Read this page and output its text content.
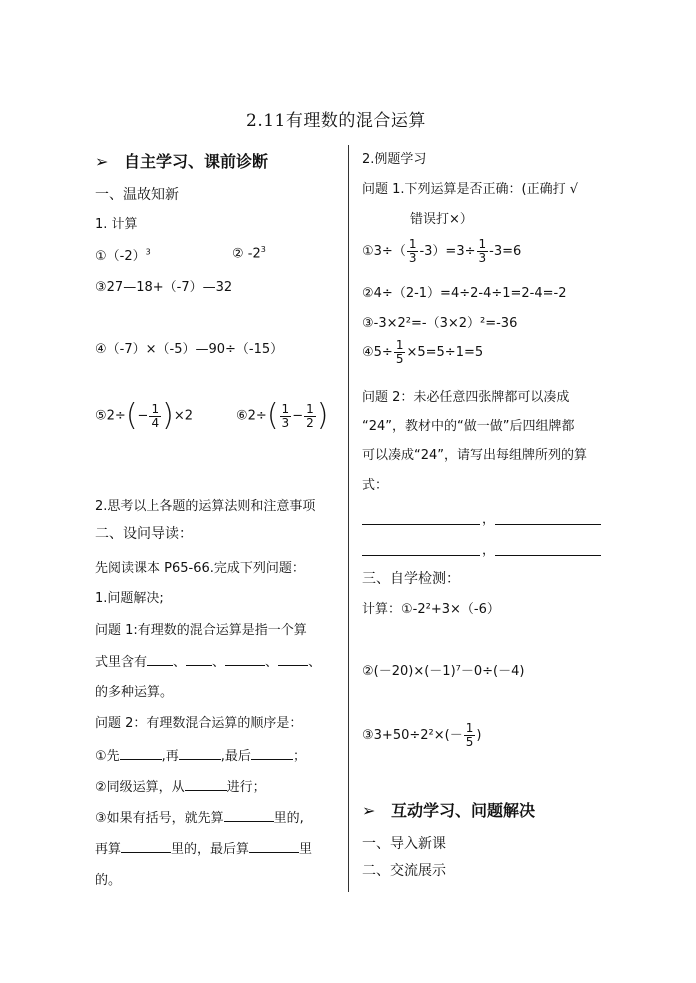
2.11有理数的混合运算
➢ 自主学习、课前诊断
一、温故知新
1. 计算
$①(-2)^3$	② $-2^3$
③27—18+（-7）—32
④（-7）×（-5）—90÷（-15）
⑤2÷(− $\frac{1}{4} )\times 2$	⑥2÷( $\frac{1}{3} - \frac{1}{2}$ )
2.思考以上各题的运算法则和注意事项
二、设问导读：
先阅读课本 P65-66.完成下列问题：
1.问题解决;
问题 1:有理数的混合运算是指一个算
式里含有 、 、	、 、
的多种运算。
问题 2：有理数混合运算的顺序是：
①先	,再	,最后	；
②同级运算，从	进行；
③如果有括号，就先算	里的,
再算	里的，最后算	里
的。
2.例题学习
问题 1.下列运算是否正确：(正确打 √
错误打×）
①3÷（ $\frac{1}{3} -3)=3\div \frac{1}{3} -3=6$
②4÷（2-1）=4÷2-4÷1=2-4=-2
③-3×2²=-（3×2）²=-36
④5÷ $\frac{1}{5} \times 5=5\div 1=5$
问题 2：未必任意四张牌都可以凑成
“24”，教材中的“做一做”后四组牌都
可以凑成“24”，请写出每组牌所列的算
式：
，
，
三、自学检测：
计算：①-2²+3×（-6）
②(－20)×(－1)⁷－0÷(－4)
③3+50÷2²×(－ $\frac{1}{5}$ )
➢ 互动学习、问题解决
一、导入新课
二、交流展示
